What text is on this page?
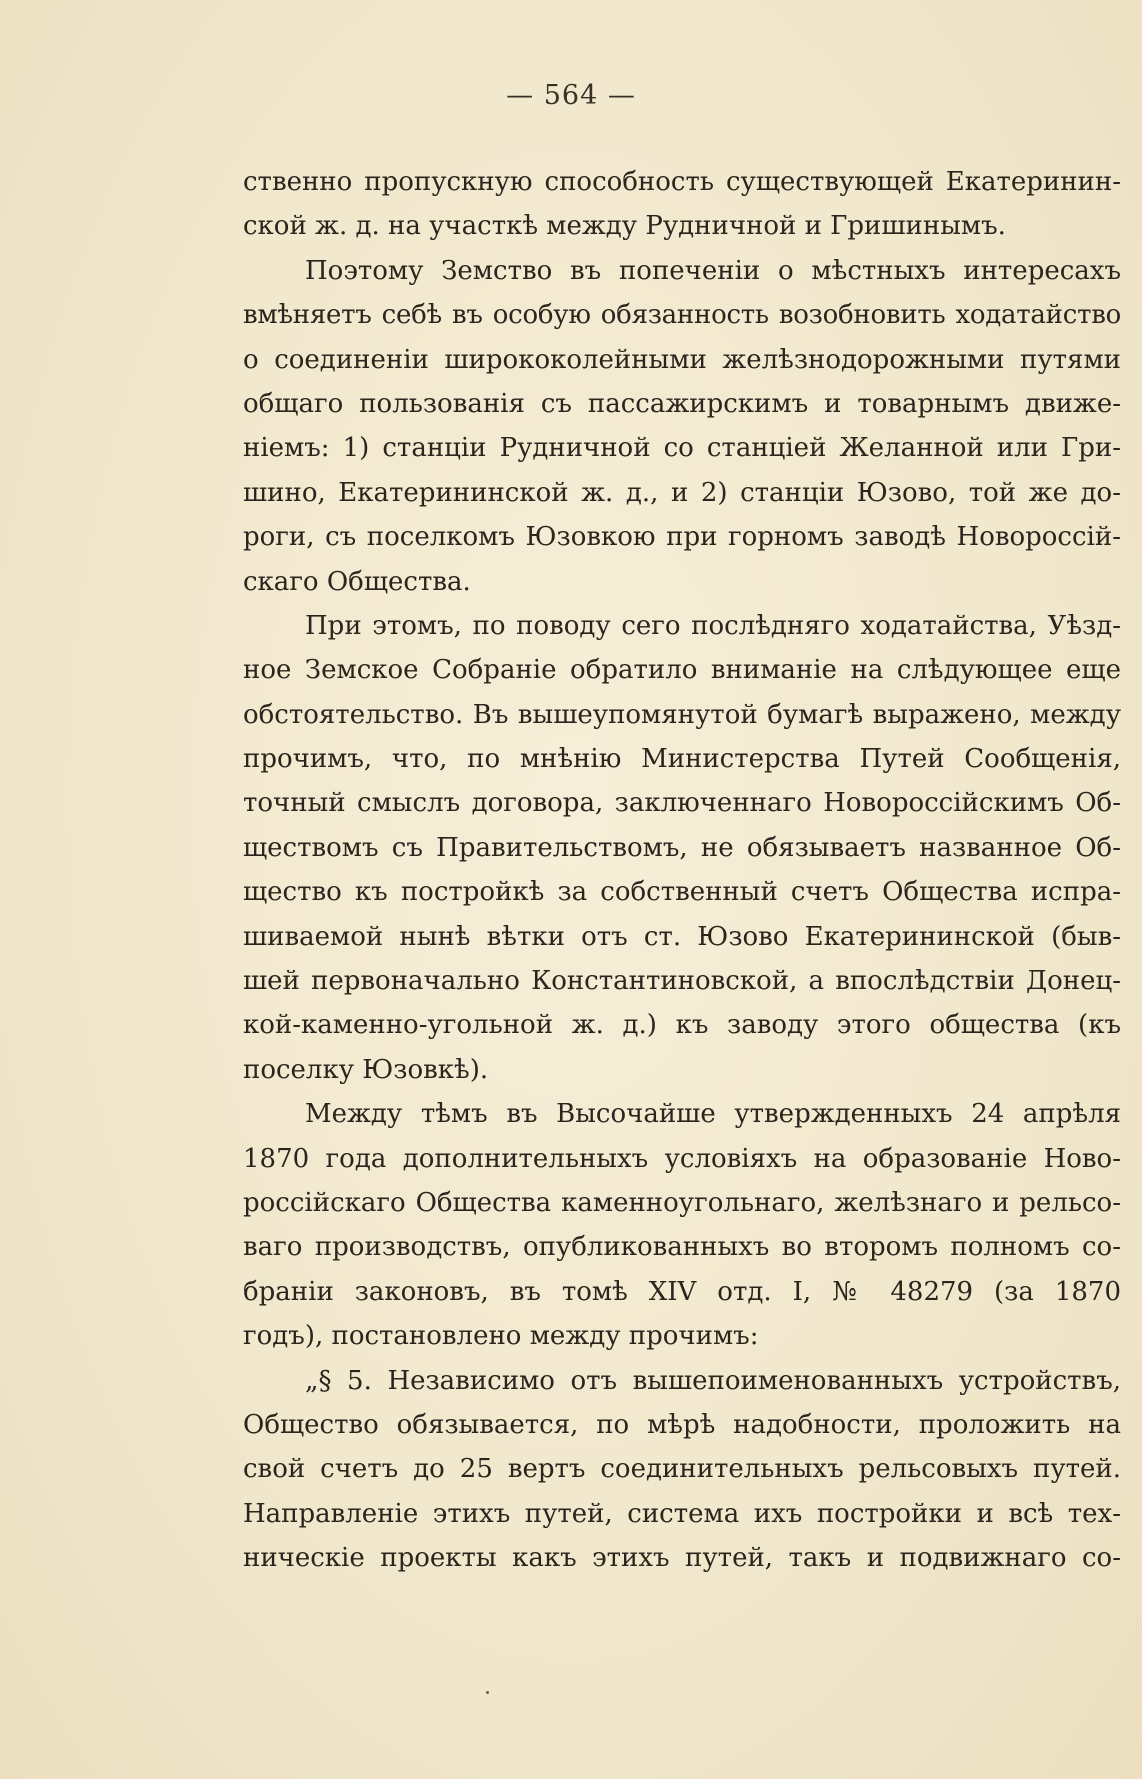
— 564 —
ственно пропускную способность существующей Екатеринин-
ской ж. д. на участкѣ между Рудничной и Гришинымъ.
Поэтому Земство въ попеченіи о мѣстныхъ интересахъ
вмѣняетъ себѣ въ особую обязанность возобновить ходатайство
о соединеніи ширококолейными желѣзнодорожными путями
общаго пользованія съ пассажирскимъ и товарнымъ движе-
ніемъ: 1) станціи Рудничной со станціей Желанной или Гри-
шино, Екатерининской ж. д., и 2) станціи Юзово, той же до-
роги, съ поселкомъ Юзовкою при горномъ заводѣ Новороссій-
скаго Общества.
При этомъ, по поводу сего послѣдняго ходатайства, Уѣзд-
ное Земское Собраніе обратило вниманіе на слѣдующее еще
обстоятельство. Въ вышеупомянутой бумагѣ выражено, между
прочимъ, что, по мнѣнію Министерства Путей Сообщенія,
точный смыслъ договора, заключеннаго Новороссійскимъ Об-
ществомъ съ Правительствомъ, не обязываетъ названное Об-
щество къ постройкѣ за собственный счетъ Общества испра-
шиваемой нынѣ вѣтки отъ ст. Юзово Екатерининской (быв-
шей первоначально Константиновской, а впослѣдствіи Донец-
кой-каменно-угольной ж. д.) къ заводу этого общества (къ
поселку Юзовкѣ).
Между тѣмъ въ Высочайше утвержденныхъ 24 апрѣля
1870 года дополнительныхъ условіяхъ на образованіе Ново-
россійскаго Общества каменноугольнаго, желѣзнаго и рельсо-
ваго производствъ, опубликованныхъ во второмъ полномъ со-
браніи законовъ, въ томѣ XIV отд. I, № 48279 (за 1870
годъ), постановлено между прочимъ:
„§ 5. Независимо отъ вышепоименованныхъ устройствъ,
Общество обязывается, по мѣрѣ надобности, проложить на
свой счетъ до 25 вертъ соединительныхъ рельсовыхъ путей.
Направленіе этихъ путей, система ихъ постройки и всѣ тех-
ническіе проекты какъ этихъ путей, такъ и подвижнаго со-
